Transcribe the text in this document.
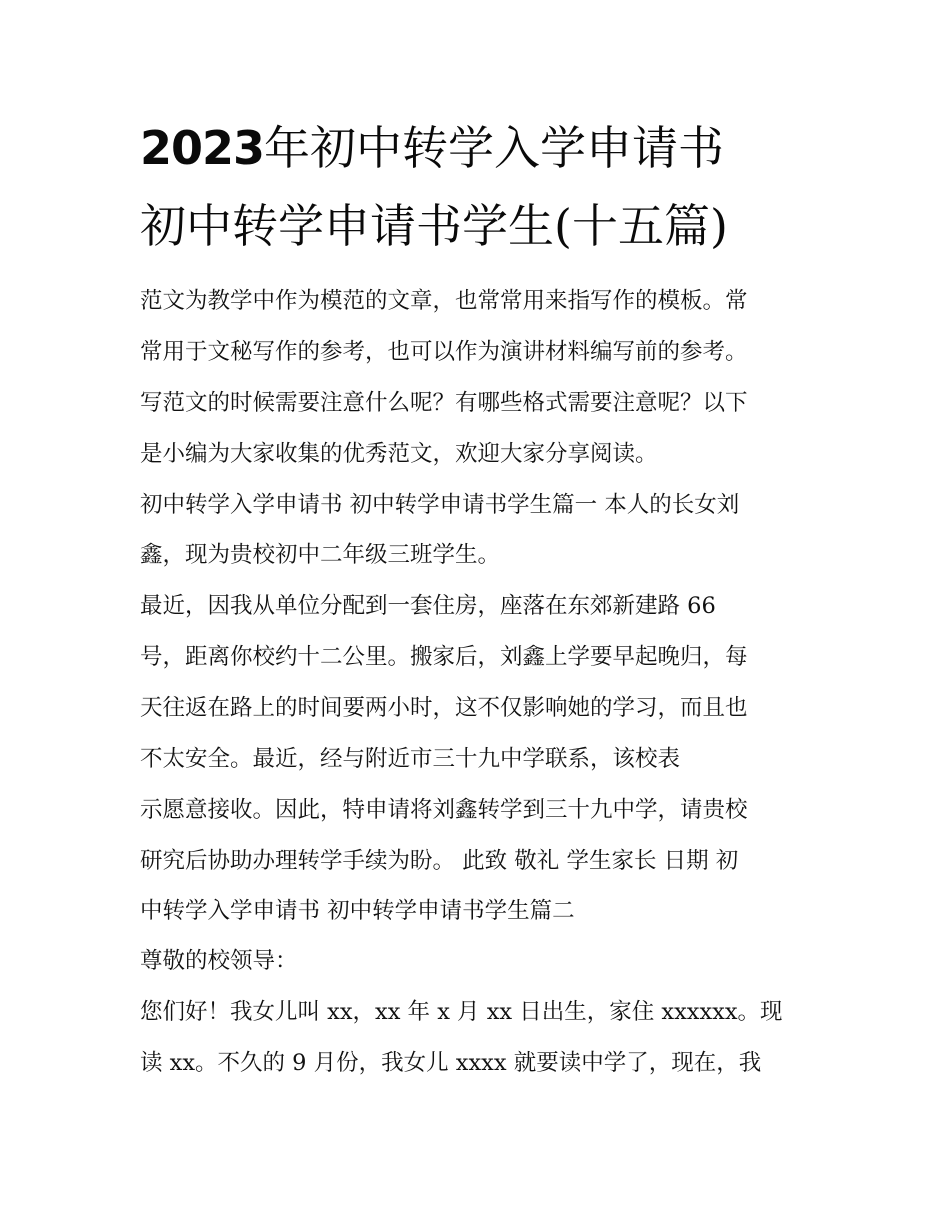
2023年初中转学入学申请书
初中转学申请书学生(十五篇)
范文为教学中作为模范的文章，也常常用来指写作的模板。常
常用于文秘写作的参考，也可以作为演讲材料编写前的参考。
写范文的时候需要注意什么呢？有哪些格式需要注意呢？以下
是小编为大家收集的优秀范文，欢迎大家分享阅读。
初中转学入学申请书 初中转学申请书学生篇一 本人的长女刘
鑫，现为贵校初中二年级三班学生。
最近，因我从单位分配到一套住房，座落在东郊新建路 66
号，距离你校约十二公里。搬家后，刘鑫上学要早起晚归，每
天往返在路上的时间要两小时，这不仅影响她的学习，而且也
不太安全。最近，经与附近市三十九中学联系，该校表
示愿意接收。因此，特申请将刘鑫转学到三十九中学，请贵校
研究后协助办理转学手续为盼。 此致 敬礼 学生家长 日期 初
中转学入学申请书 初中转学申请书学生篇二
尊敬的校领导：
您们好！我女儿叫 xx，xx 年 x 月 xx 日出生，家住 xxxxxx。现
读 xx。不久的 9 月份，我女儿 xxxx 就要读中学了，现在，我
